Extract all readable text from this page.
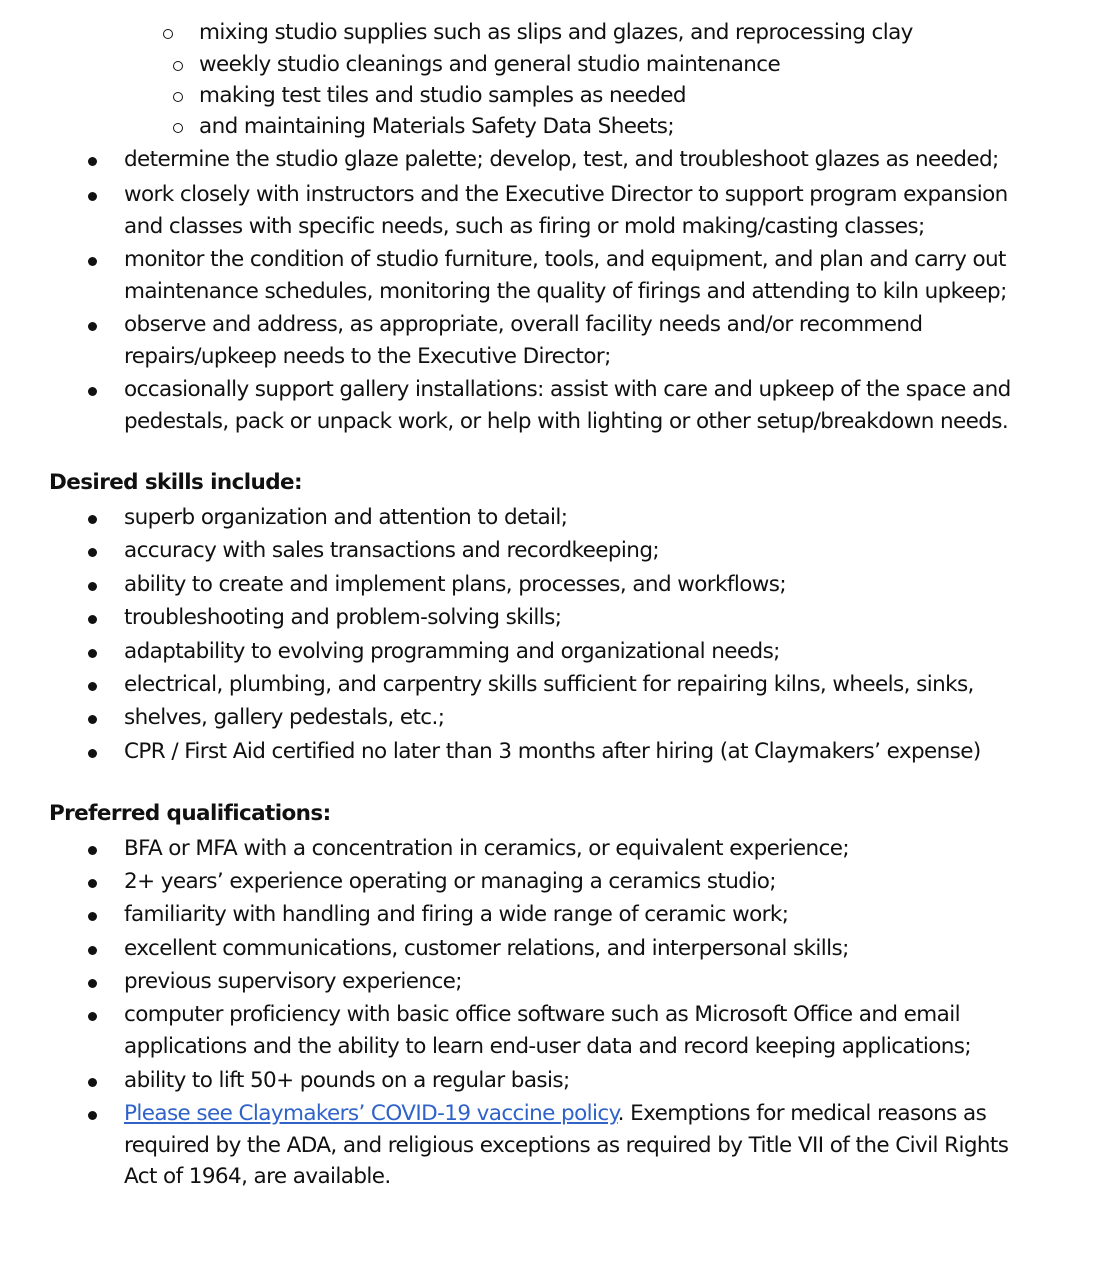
mixing studio supplies such as slips and glazes, and reprocessing clay
weekly studio cleanings and general studio maintenance
making test tiles and studio samples as needed
and maintaining Materials Safety Data Sheets;
determine the studio glaze palette; develop, test, and troubleshoot glazes as needed;
work closely with instructors and the Executive Director to support program expansion
and classes with specific needs, such as firing or mold making/casting classes;
monitor the condition of studio furniture, tools, and equipment, and plan and carry out
maintenance schedules, monitoring the quality of firings and attending to kiln upkeep;
observe and address, as appropriate, overall facility needs and/or recommend
repairs/upkeep needs to the Executive Director;
occasionally support gallery installations: assist with care and upkeep of the space and
pedestals, pack or unpack work, or help with lighting or other setup/breakdown needs.
superb organization and attention to detail;
accuracy with sales transactions and recordkeeping;
ability to create and implement plans, processes, and workflows;
troubleshooting and problem-solving skills;
adaptability to evolving programming and organizational needs;
electrical, plumbing, and carpentry skills sufficient for repairing kilns, wheels, sinks,
shelves, gallery pedestals, etc.;
CPR / First Aid certified no later than 3 months after hiring (at Claymakers’ expense)
BFA or MFA with a concentration in ceramics, or equivalent experience;
2+ years’ experience operating or managing a ceramics studio;
familiarity with handling and firing a wide range of ceramic work;
excellent communications, customer relations, and interpersonal skills;
previous supervisory experience;
computer proficiency with basic office software such as Microsoft Office and email
applications and the ability to learn end-user data and record keeping applications;
ability to lift 50+ pounds on a regular basis;
Desired skills include:
Preferred qualifications:
Please see Claymakers’ COVID-19 vaccine policy. Exemptions for medical reasons as
required by the ADA, and religious exceptions as required by Title VII of the Civil Rights
Act of 1964, are available.
